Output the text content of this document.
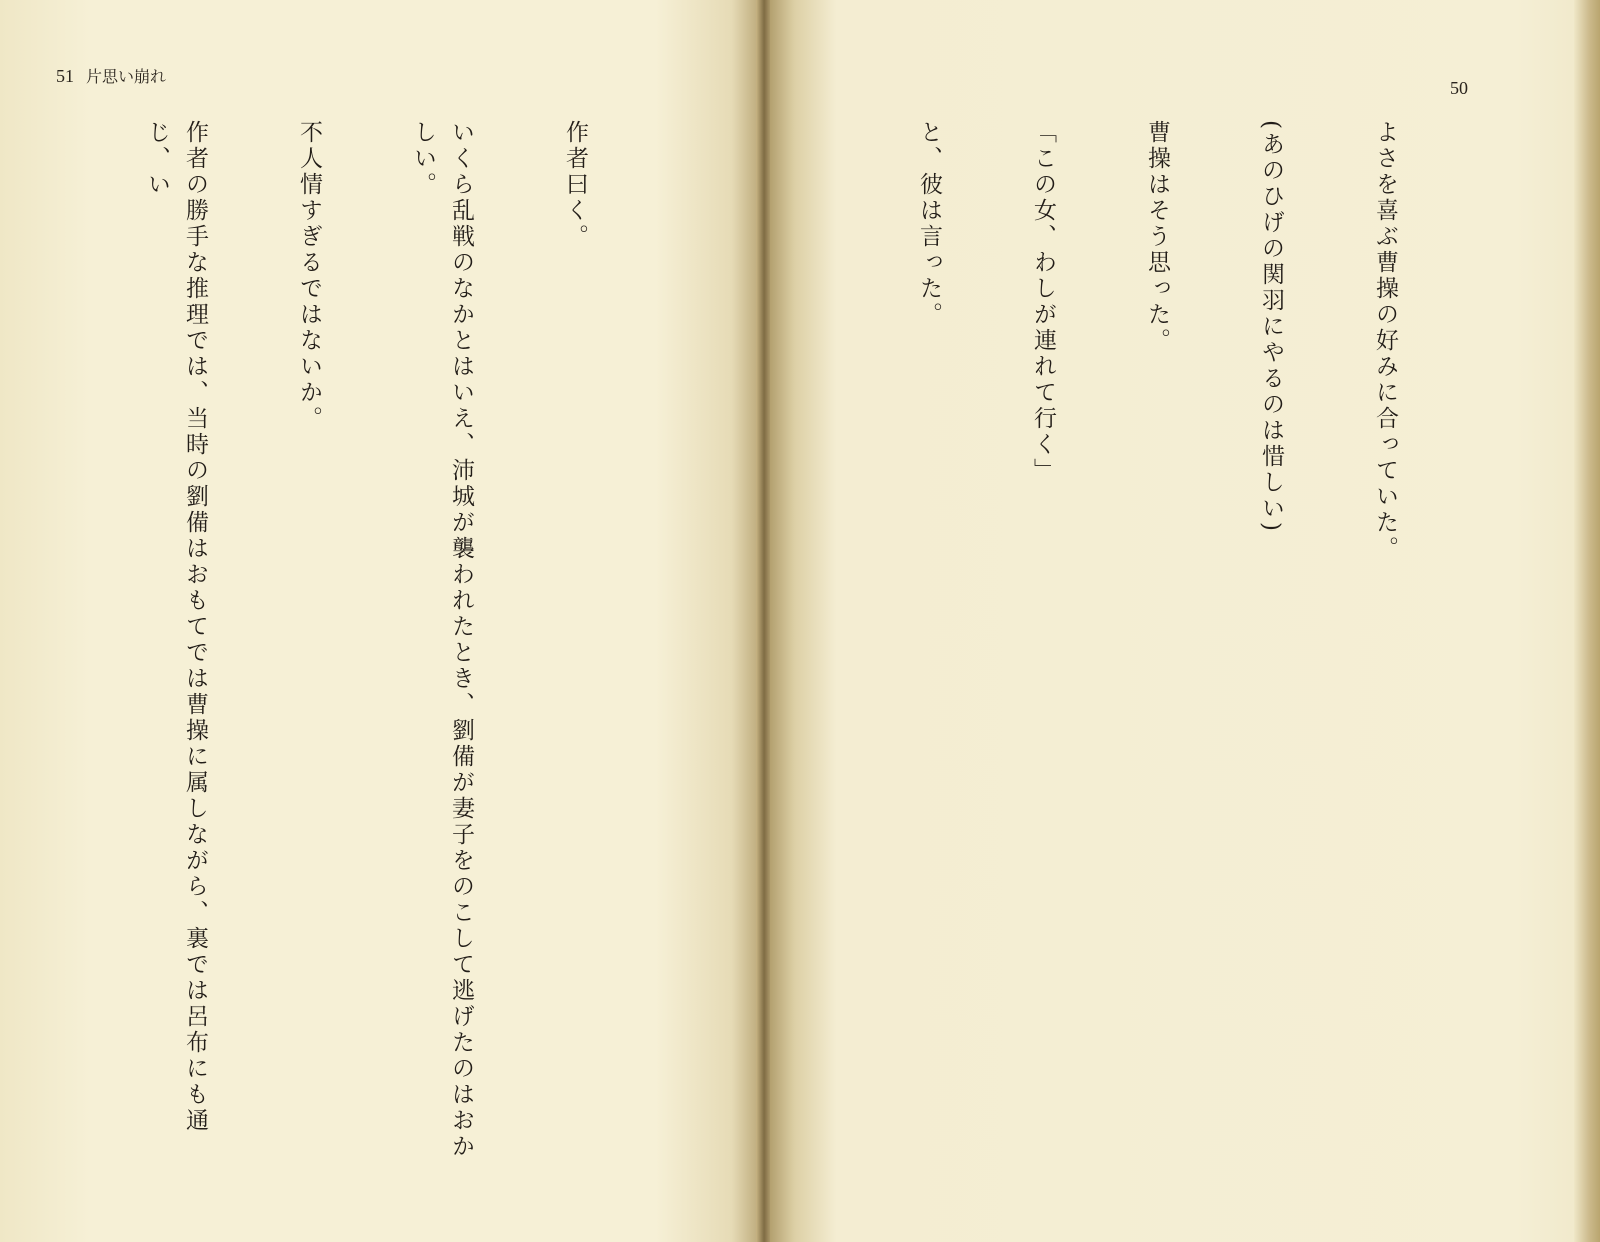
51 片思い崩れ

作者曰く。

いくら乱戦のなかとはいえ、沛城が襲われたとき、劉備が妻子をのこして逃げたのはおかしい。

不人情すぎるではないか。

作者の勝手な推理では、当時の劉備はおもてでは曹操に属しながら、裏では呂布にも通じ、い

50

よさを喜ぶ曹操の好みに合っていた。

(あのひげの関羽にやるのは惜しい)

曹操はそう思った。

「この女、わしが連れて行く」

と、彼は言った。
